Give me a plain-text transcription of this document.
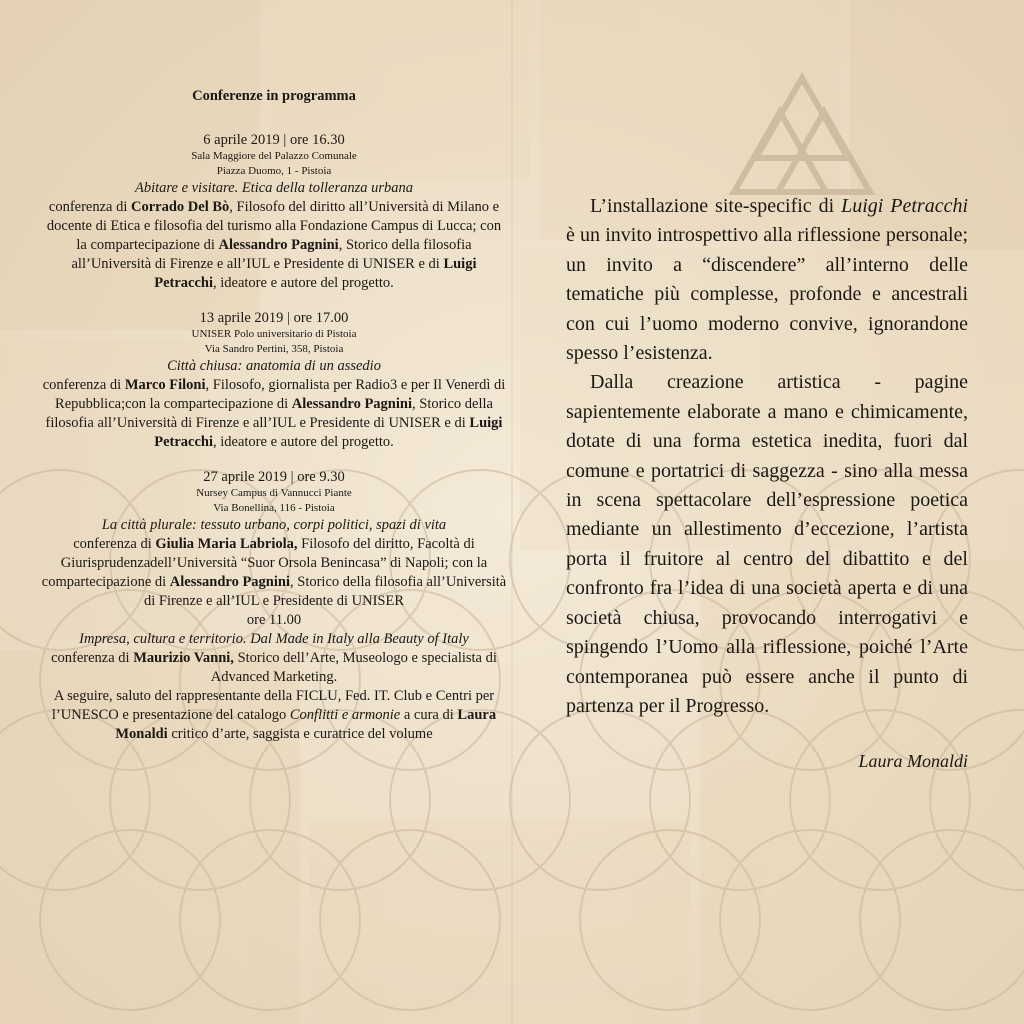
Conferenze in programma
6 aprile 2019 | ore 16.30
Sala Maggiore del Palazzo Comunale
Piazza Duomo, 1 - Pistoia
Abitare e visitare. Etica della tolleranza urbana
conferenza di Corrado Del Bò, Filosofo del diritto all’Università di Milano e docente di Etica e filosofia del turismo alla Fondazione Campus di Lucca; con la compartecipazione di Alessandro Pagnini, Storico della filosofia all’Università di Firenze e all’IUL e Presidente di UNISER e di Luigi Petracchi, ideatore e autore del progetto.
13 aprile 2019 | ore 17.00
UNISER Polo universitario di Pistoia
Via Sandro Pertini, 358, Pistoia
Città chiusa: anatomia di un assedio
conferenza di Marco Filoni, Filosofo, giornalista per Radio3 e per Il Venerdì di Repubblica;con la compartecipazione di Alessandro Pagnini, Storico della filosofia all’Università di Firenze e all’IUL e Presidente di UNISER e di Luigi Petracchi, ideatore e autore del progetto.
27 aprile 2019 | ore 9.30
Nursey Campus di Vannucci Piante
Via Bonellina, 116 - Pistoia
La città plurale: tessuto urbano, corpi politici, spazi di vita
conferenza di Giulia Maria Labriola, Filosofo del diritto, Facoltà di Giurisprudenzadell’Università “Suor Orsola Benincasa” di Napoli; con la compartecipazione di Alessandro Pagnini, Storico della filosofia all’Università di Firenze e all’IUL e Presidente di UNISER
ore 11.00
Impresa, cultura e territorio. Dal Made in Italy alla Beauty of Italy
conferenza di Maurizio Vanni, Storico dell’Arte, Museologo e specialista di Advanced Marketing.
A seguire, saluto del rappresentante della FICLU, Fed. IT. Club e Centri per l’UNESCO e presentazione del catalogo Conflitti e armonie a cura di Laura Monaldi critico d’arte, saggista e curatrice del volume

L’installazione site-specific di Luigi Petracchi è un invito introspettivo alla riflessione personale; un invito a “discendere” all’interno delle tematiche più complesse, profonde e ancestrali con cui l’uomo moderno convive, ignorandone spesso l’esistenza.

Dalla creazione artistica - pagine sapientemente elaborate a mano e chimicamente, dotate di una forma estetica inedita, fuori dal comune e portatrici di saggezza - sino alla messa in scena spettacolare dell’espressione poetica mediante un allestimento d’eccezione, l’artista porta il fruitore al centro del dibattito e del confronto fra l’idea di una società aperta e di una società chiusa, provocando interrogativi e spingendo l’Uomo alla riflessione, poiché l’Arte contemporanea può essere anche il punto di partenza per il Progresso.

Laura Monaldi
